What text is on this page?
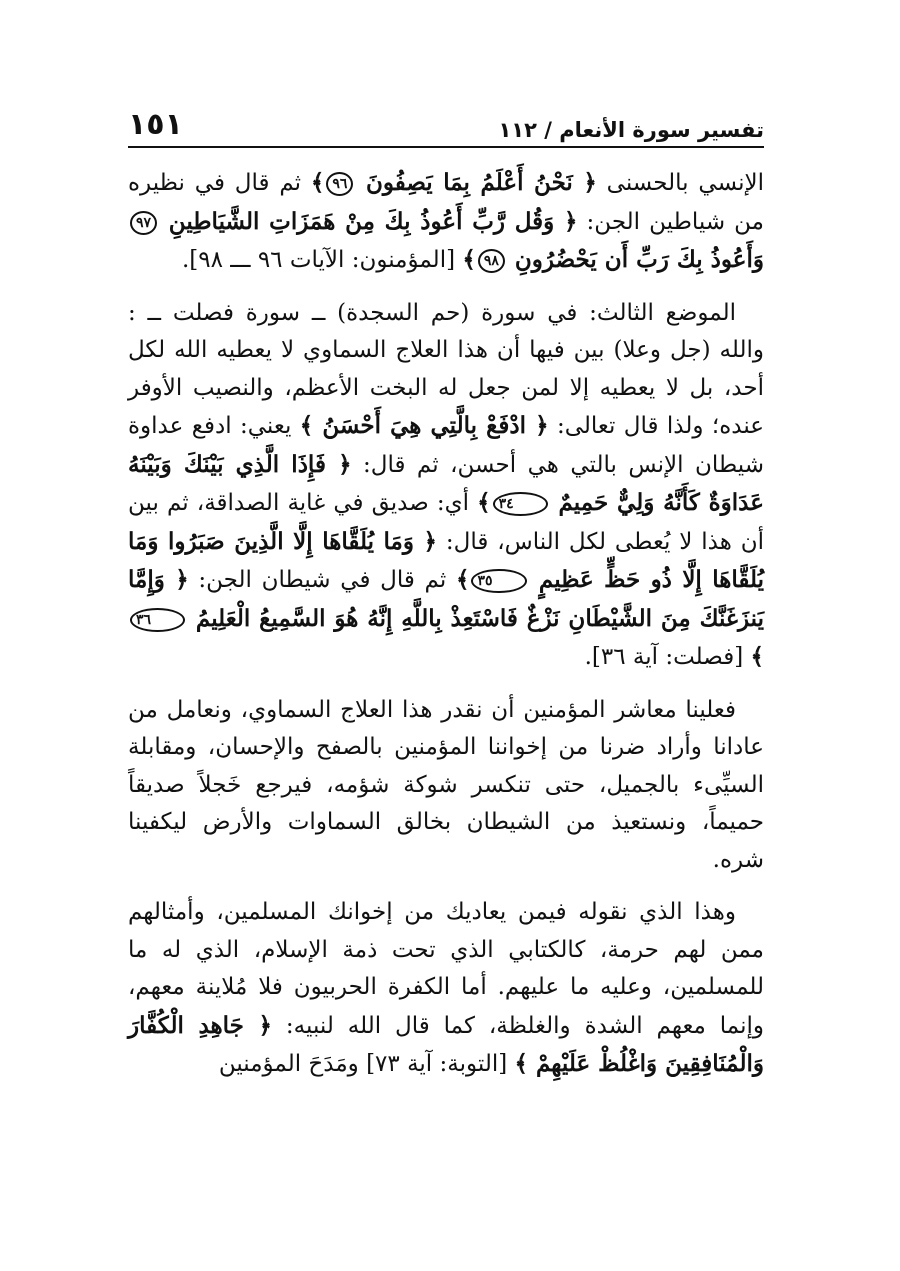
تفسير سورة الأنعام / ١١٢
١٥١

الإنسي بالحسنى ﴿ نَحْنُ أَعْلَمُ بِمَا يَصِفُونَ ٩٦﴾ ثم قال في نظيره من شياطين الجن: ﴿ وَقُل رَّبِّ أَعُوذُ بِكَ مِنْ هَمَزَاتِ الشَّيَاطِينِ ٩٧ وَأَعُوذُ بِكَ رَبِّ أَن يَحْضُرُونِ ٩٨﴾ [المؤمنون: الآيات ٩٦ ـــ ٩٨].

الموضع الثالث: في سورة (حم السجدة) ــ سورة فصلت ــ : والله (جل وعلا) بين فيها أن هذا العلاج السماوي لا يعطيه الله لكل أحد، بل لا يعطيه إلا لمن جعل له البخت الأعظم، والنصيب الأوفر عنده؛ ولذا قال تعالى: ﴿ ادْفَعْ بِالَّتِي هِيَ أَحْسَنُ ﴾ يعني: ادفع عداوة شيطان الإنس بالتي هي أحسن، ثم قال: ﴿ فَإِذَا الَّذِي بَيْنَكَ وَبَيْنَهُ عَدَاوَةٌ كَأَنَّهُ وَلِيٌّ حَمِيمٌ ٣٤﴾ أي: صديق في غاية الصداقة، ثم بين أن هذا لا يُعطى لكل الناس، قال: ﴿ وَمَا يُلَقَّاهَا إِلَّا الَّذِينَ صَبَرُوا وَمَا يُلَقَّاهَا إِلَّا ذُو حَظٍّ عَظِيمٍ ٣٥﴾ ثم قال في شيطان الجن: ﴿ وَإِمَّا يَنزَغَنَّكَ مِنَ الشَّيْطَانِ نَزْغٌ فَاسْتَعِذْ بِاللَّهِ إِنَّهُ هُوَ السَّمِيعُ الْعَلِيمُ ٣٦﴾ [فصلت: آية ٣٦].

فعلينا معاشر المؤمنين أن نقدر هذا العلاج السماوي، ونعامل من عادانا وأراد ضرنا من إخواننا المؤمنين بالصفح والإحسان، ومقابلة السيِّىء بالجميل، حتى تنكسر شوكة شؤمه، فيرجع خَجلاً صديقاً حميماً، ونستعيذ من الشيطان بخالق السماوات والأرض ليكفينا شره.

وهذا الذي نقوله فيمن يعاديك من إخوانك المسلمين، وأمثالهم ممن لهم حرمة، كالكتابي الذي تحت ذمة الإسلام، الذي له ما للمسلمين، وعليه ما عليهم. أما الكفرة الحربيون فلا مُلاينة معهم، وإنما معهم الشدة والغلظة، كما قال الله لنبيه: ﴿ جَاهِدِ الْكُفَّارَ وَالْمُنَافِقِينَ وَاغْلُظْ عَلَيْهِمْ ﴾ [التوبة: آية ٧٣] ومَدَحَ المؤمنين
